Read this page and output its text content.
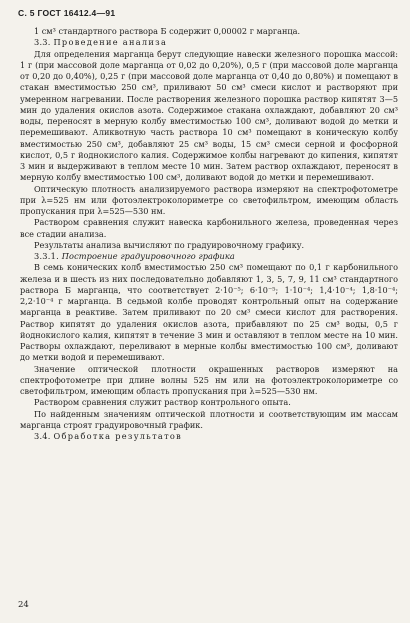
С. 5 ГОСТ 16412.4—91

1 см³ стандартного раствора Б содержит 0,00002 г марганца.

3.3. Проведение анализа

Для определения марганца берут следующие навески железного порошка массой: 1 г (при массовой доле марганца от 0,02 до 0,20%), 0,5 г (при массовой доле марганца от 0,20 до 0,40%), 0,25 г (при массовой доле марганца от 0,40 до 0,80%) и помещают в стакан вместимостью 250 см³, приливают 50 см³ смеси кислот и растворяют при умеренном нагревании. После растворения железного порошка раствор кипятят 3—5 мин до удаления окислов азота. Содержимое стакана охлаждают, добавляют 20 см³ воды, переносят в мерную колбу вместимостью 100 см³, доливают водой до метки и перемешивают. Аликвотную часть раствора 10 см³ помещают в коническую колбу вместимостью 250 см³, добавляют 25 см³ воды, 15 см³ смеси серной и фосфорной кислот, 0,5 г йоднокислого калия. Содержимое колбы нагревают до кипения, кипятят 3 мин и выдерживают в теплом месте 10 мин. Затем раствор охлаждают, переносят в мерную колбу вместимостью 100 см³, доливают водой до метки и перемешивают.

Оптическую плотность анализируемого раствора измеряют на спектрофотометре при λ=525 нм или фотоэлектроколориметре со светофильтром, имеющим область пропускания при λ=525—530 нм.

Раствором сравнения служит навеска карбонильного железа, проведенная через все стадии анализа.

Результаты анализа вычисляют по градуировочному графику.

3.3.1. Построение градуировочного графика

В семь конических колб вместимостью 250 см³ помещают по 0,1 г карбонильного железа и в шесть из них последовательно добавляют 1, 3, 5, 7, 9, 11 см³ стандартного раствора Б марганца, что соответствует 2·10⁻⁵; 6·10⁻⁵; 1·10⁻⁴; 1,4·10⁻⁴; 1,8·10⁻⁴; 2,2·10⁻⁴ г марганца. В седьмой колбе проводят контрольный опыт на содержание марганца в реактиве. Затем приливают по 20 см³ смеси кислот для растворения. Раствор кипятят до удаления окислов азота, прибавляют по 25 см³ воды, 0,5 г йоднокислого калия, кипятят в течение 3 мин и оставляют в теплом месте на 10 мин. Растворы охлаждают, переливают в мерные колбы вместимостью 100 см³, доливают до метки водой и перемешивают.

Значение оптической плотности окрашенных растворов измеряют на спектрофотометре при длине волны 525 нм или на фотоэлектроколориметре со светофильтром, имеющим область пропускания при λ=525—530 нм.

Раствором сравнения служит раствор контрольного опыта.

По найденным значениям оптической плотности и соответствующим им массам марганца строят градуировочный график.

3.4. Обработка результатов
24
